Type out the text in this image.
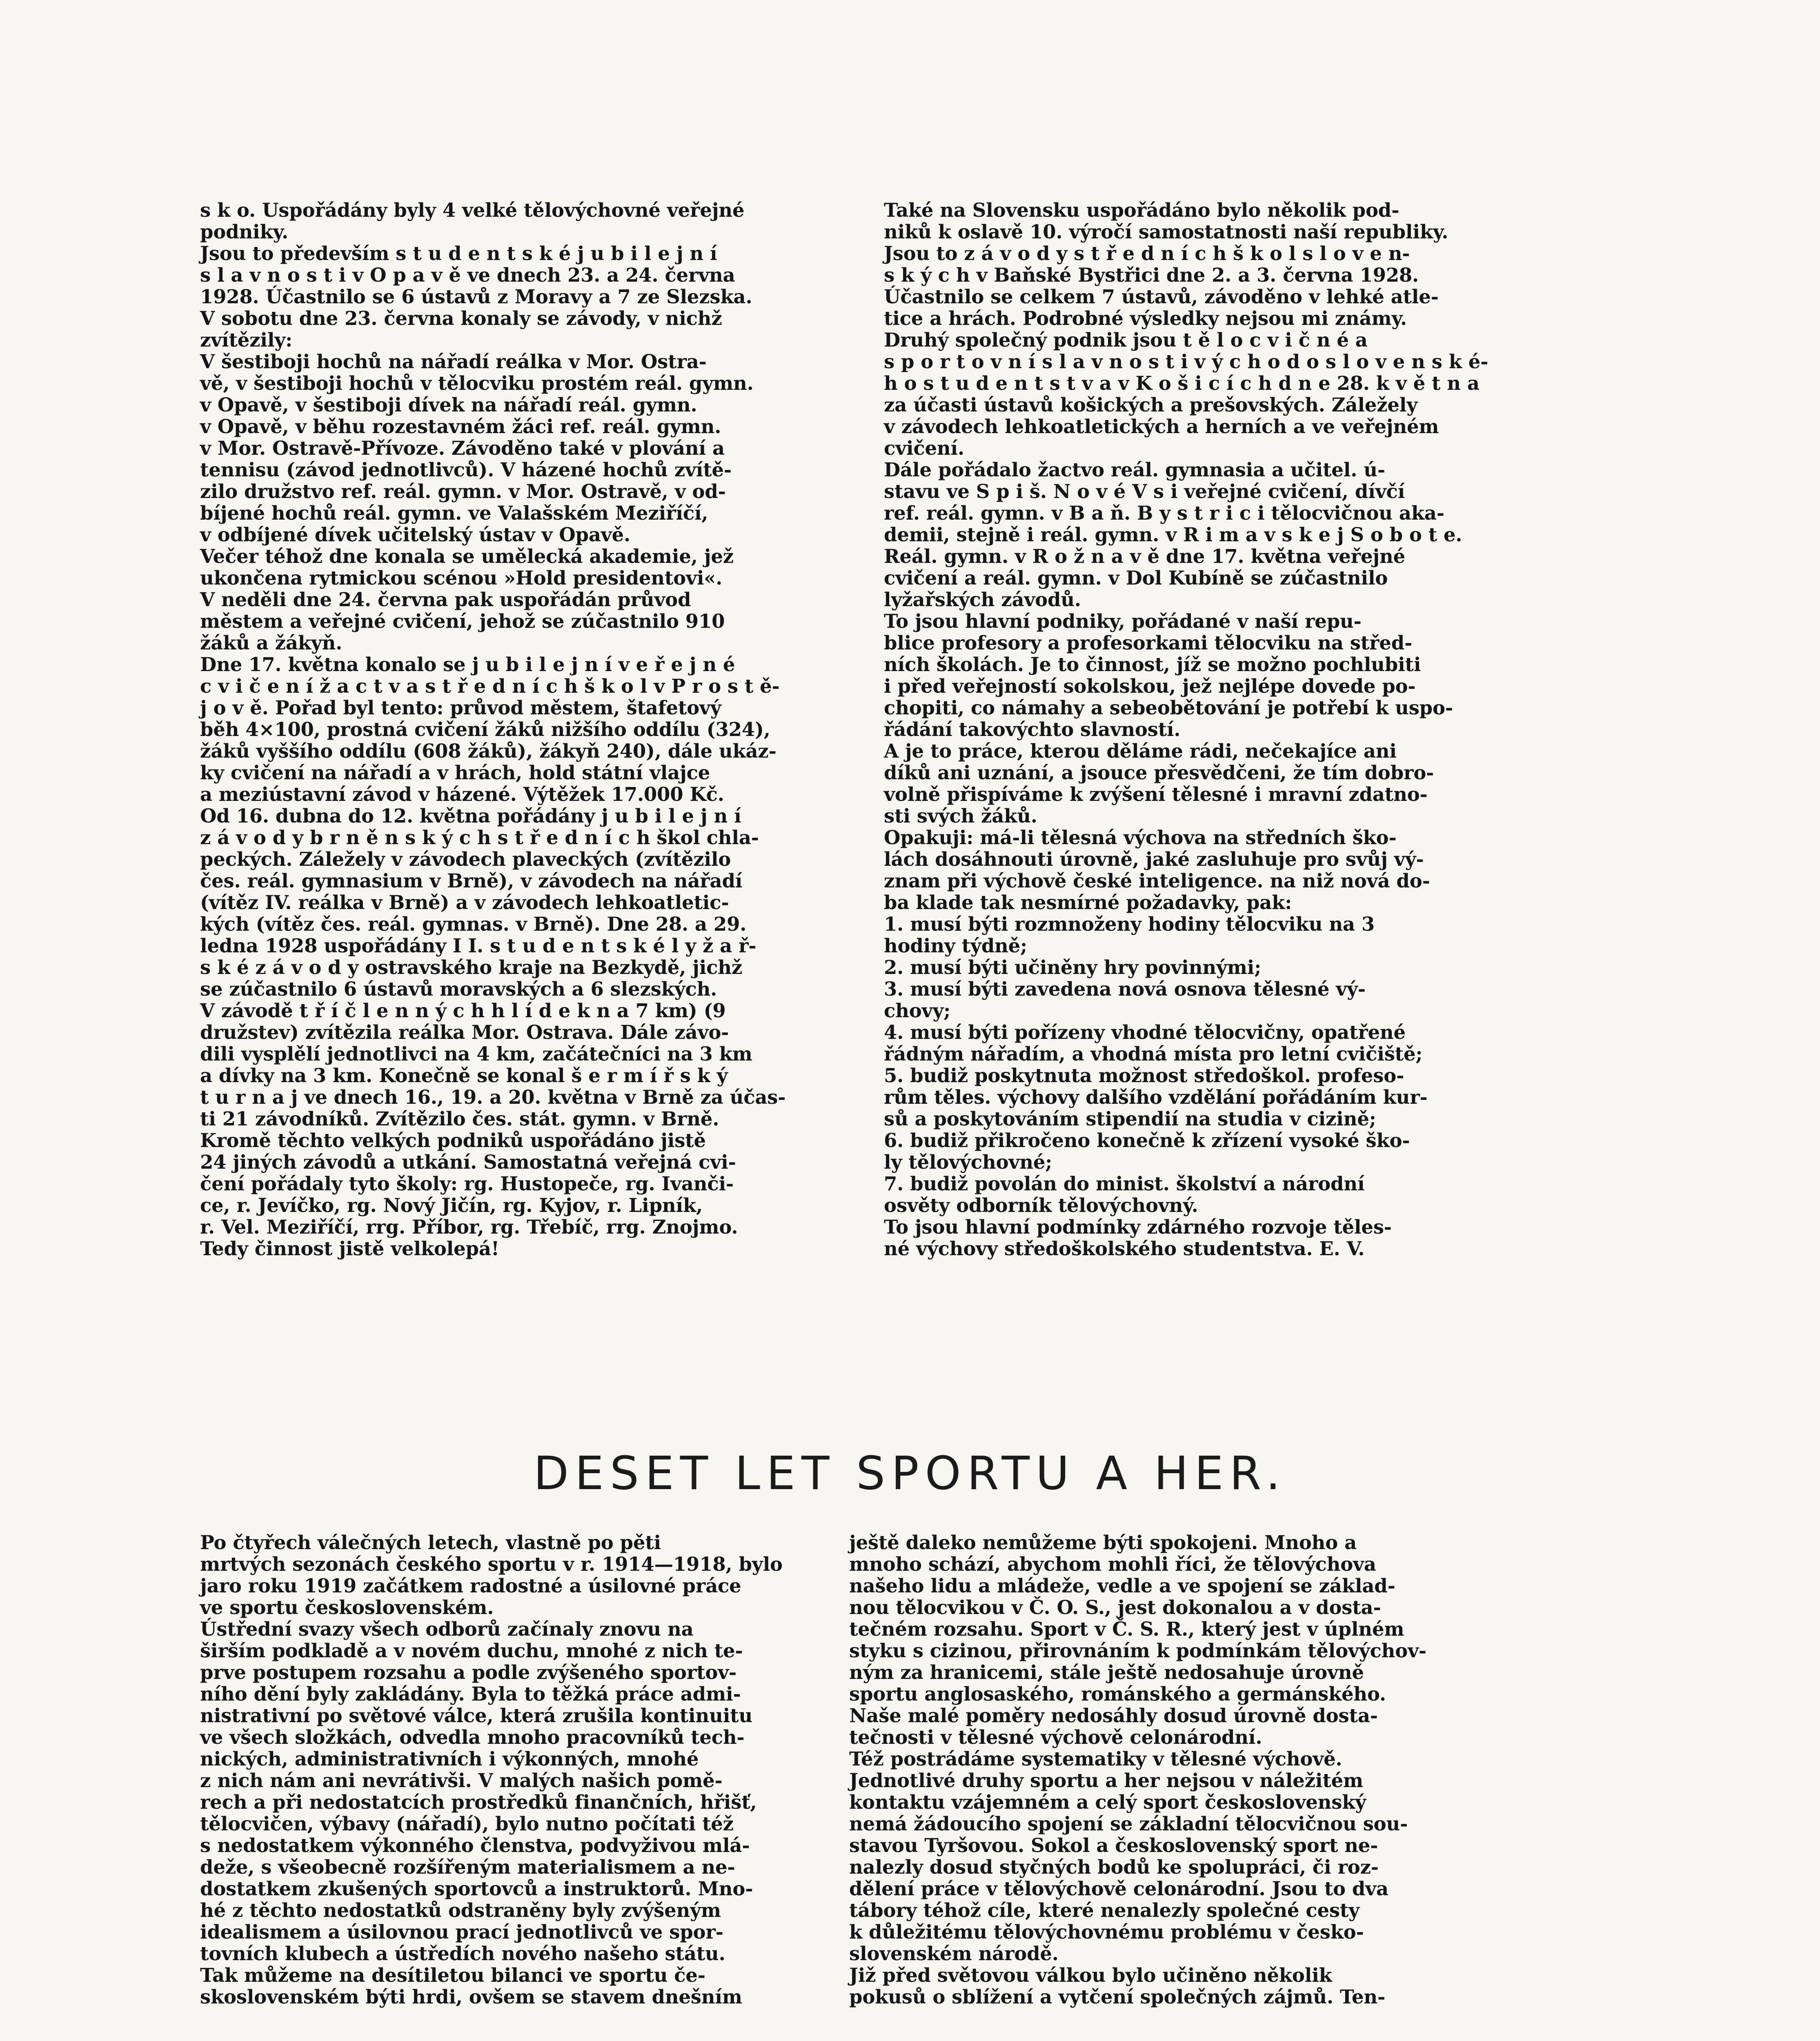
s k o. Uspořádány byly 4 velké tělovýchovné veřejné

podniky.

Jsou to především s t u d e n t s k é j u b i l e j n í

s l a v n o s t i v O p a v ě ve dnech 23. a 24. června

1928. Účastnilo se 6 ústavů z Moravy a 7 ze Slezska.

V sobotu dne 23. června konaly se závody, v nichž

zvítězily:

V šestiboji hochů na nářadí reálka v Mor. Ostra-

vě, v šestiboji hochů v tělocviku prostém reál. gymn.

v Opavě, v šestiboji dívek na nářadí reál. gymn.

v Opavě, v běhu rozestavném žáci ref. reál. gymn.

v Mor. Ostravě-Přívoze. Závoděno také v plování a

tennisu (závod jednotlivců). V házené hochů zvítě-

zilo družstvo ref. reál. gymn. v Mor. Ostravě, v od-

bíjené hochů reál. gymn. ve Valašském Meziříčí,

v odbíjené dívek učitelský ústav v Opavě.

Večer téhož dne konala se umělecká akademie, jež

ukončena rytmickou scénou »Hold presidentovi«.

V neděli dne 24. června pak uspořádán průvod

městem a veřejné cvičení, jehož se zúčastnilo 910

žáků a žákyň.

Dne 17. května konalo se j u b i l e j n í v e ř e j n é

c v i č e n í ž a c t v a s t ř e d n í c h š k o l v P r o s t ě-

j o v ě. Pořad byl tento: průvod městem, štafetový

běh 4×100, prostná cvičení žáků nižšího oddílu (324),

žáků vyššího oddílu (608 žáků), žákyň 240), dále ukáz-

ky cvičení na nářadí a v hrách, hold státní vlajce

a meziústavní závod v házené. Výtěžek 17.000 Kč.

Od 16. dubna do 12. května pořádány j u b i l e j n í

z á v o d y b r n ě n s k ý c h s t ř e d n í c h škol chla-

peckých. Záležely v závodech plaveckých (zvítězilo

čes. reál. gymnasium v Brně), v závodech na nářadí

(vítěz IV. reálka v Brně) a v závodech lehkoatletic-

kých (vítěz čes. reál. gymnas. v Brně). Dne 28. a 29.

ledna 1928 uspořádány I I. s t u d e n t s k é l y ž a ř-

s k é z á v o d y ostravského kraje na Bezkydě, jichž

se zúčastnilo 6 ústavů moravských a 6 slezských.

V závodě t ř í č l e n n ý c h h l í d e k n a 7 km) (9

družstev) zvítězila reálka Mor. Ostrava. Dále závo-

dili vysplělí jednotlivci na 4 km, začátečníci na 3 km

a dívky na 3 km. Konečně se konal š e r m í ř s k ý

t u r n a j ve dnech 16., 19. a 20. května v Brně za účas-

ti 21 závodníků. Zvítězilo čes. stát. gymn. v Brně.

Kromě těchto velkých podniků uspořádáno jistě

24 jiných závodů a utkání. Samostatná veřejná cvi-

čení pořádaly tyto školy: rg. Hustopeče, rg. Ivanči-

ce, r. Jevíčko, rg. Nový Jičín, rg. Kyjov, r. Lipník,

r. Vel. Meziříčí, rrg. Příbor, rg. Třebíč, rrg. Znojmo.

Tedy činnost jistě velkolepá!

Také na Slovensku uspořádáno bylo několik pod-

niků k oslavě 10. výročí samostatnosti naší republiky.

Jsou to z á v o d y s t ř e d n í c h š k o l s l o v e n-

s k ý c h v Baňské Bystřici dne 2. a 3. června 1928.

Účastnilo se celkem 7 ústavů, závoděno v lehké atle-

tice a hrách. Podrobné výsledky nejsou mi známy.

Druhý společný podnik jsou t ě l o c v i č n é a

s p o r t o v n í s l a v n o s t i v ý c h o d o s l o v e n s k é-

h o s t u d e n t s t v a v K o š i c í c h d n e 28. k v ě t n a

za účasti ústavů košických a prešovských. Záležely

v závodech lehkoatletických a herních a ve veřejném

cvičení.

Dále pořádalo žactvo reál. gymnasia a učitel. ú-

stavu ve S p i š. N o v é V s i veřejné cvičení, dívčí

ref. reál. gymn. v B a ň. B y s t r i c i tělocvičnou aka-

demii, stejně i reál. gymn. v R i m a v s k e j S o b o t e.

Reál. gymn. v R o ž n a v ě dne 17. května veřejné

cvičení a reál. gymn. v Dol Kubíně se zúčastnilo

lyžařských závodů.

To jsou hlavní podniky, pořádané v naší repu-

blice profesory a profesorkami tělocviku na střed-

ních školách. Je to činnost, jíž se možno pochlubiti

i před veřejností sokolskou, jež nejlépe dovede po-

chopiti, co námahy a sebeobětování je potřebí k uspo-

řádání takovýchto slavností.

A je to práce, kterou děláme rádi, nečekajíce ani

díků ani uznání, a jsouce přesvědčeni, že tím dobro-

volně přispíváme k zvýšení tělesné i mravní zdatno-

sti svých žáků.

Opakuji: má-li tělesná výchova na středních ško-

lách dosáhnouti úrovně, jaké zasluhuje pro svůj vý-

znam při výchově české inteligence. na niž nová do-

ba klade tak nesmírné požadavky, pak:

1. musí býti rozmnoženy hodiny tělocviku na 3

hodiny týdně;

2. musí býti učiněny hry povinnými;

3. musí býti zavedena nová osnova tělesné vý-

chovy;

4. musí býti pořízeny vhodné tělocvičny, opatřené

řádným nářadím, a vhodná místa pro letní cvičiště;

5. budiž poskytnuta možnost středoškol. profeso-

rům těles. výchovy dalšího vzdělání pořádáním kur-

sů a poskytováním stipendií na studia v cizině;

6. budiž přikročeno konečně k zřízení vysoké ško-

ly tělovýchovné;

7. budiž povolán do minist. školství a národní

osvěty odborník tělovýchovný.

To jsou hlavní podmínky zdárného rozvoje těles-

né výchovy středoškolského studentstva. E. V.

DESET LET SPORTU A HER.

Po čtyřech válečných letech, vlastně po pěti

mrtvých sezonách českého sportu v r. 1914—1918, bylo

jaro roku 1919 začátkem radostné a úsilovné práce

ve sportu československém.

Ústřední svazy všech odborů začínaly znovu na

širším podkladě a v novém duchu, mnohé z nich te-

prve postupem rozsahu a podle zvýšeného sportov-

ního dění byly zakládány. Byla to těžká práce admi-

nistrativní po světové válce, která zrušila kontinuitu

ve všech složkách, odvedla mnoho pracovníků tech-

nických, administrativních i výkonných, mnohé

z nich nám ani nevrátivši. V malých našich pomě-

rech a při nedostatcích prostředků finančních, hřišť,

tělocvičen, výbavy (nářadí), bylo nutno počítati též

s nedostatkem výkonného členstva, podvyživou mlá-

deže, s všeobecně rozšířeným materialismem a ne-

dostatkem zkušených sportovců a instruktorů. Mno-

hé z těchto nedostatků odstraněny byly zvýšeným

idealismem a úsilovnou prací jednotlivců ve spor-

tovních klubech a ústředích nového našeho státu.

Tak můžeme na desítiletou bilanci ve sportu če-

skoslovenském býti hrdi, ovšem se stavem dnešním

ještě daleko nemůžeme býti spokojeni. Mnoho a

mnoho schází, abychom mohli říci, že tělovýchova

našeho lidu a mládeže, vedle a ve spojení se základ-

nou tělocvikou v Č. O. S., jest dokonalou a v dosta-

tečném rozsahu. Sport v Č. S. R., který jest v úplném

styku s cizinou, přirovnáním k podmínkám tělovýchov-

ným za hranicemi, stále ještě nedosahuje úrovně

sportu anglosaského, románského a germánského.

Naše malé poměry nedosáhly dosud úrovně dosta-

tečnosti v tělesné výchově celonárodní.

Též postrádáme systematiky v tělesné výchově.

Jednotlivé druhy sportu a her nejsou v náležitém

kontaktu vzájemném a celý sport československý

nemá žádoucího spojení se základní tělocvičnou sou-

stavou Tyršovou. Sokol a československý sport ne-

nalezly dosud styčných bodů ke spolupráci, či roz-

dělení práce v tělovýchově celonárodní. Jsou to dva

tábory téhož cíle, které nenalezly společné cesty

k důležitému tělovýchovnému problému v česko-

slovenském národě.

Již před světovou válkou bylo učiněno několik

pokusů o sblížení a vytčení společných zájmů. Ten-
